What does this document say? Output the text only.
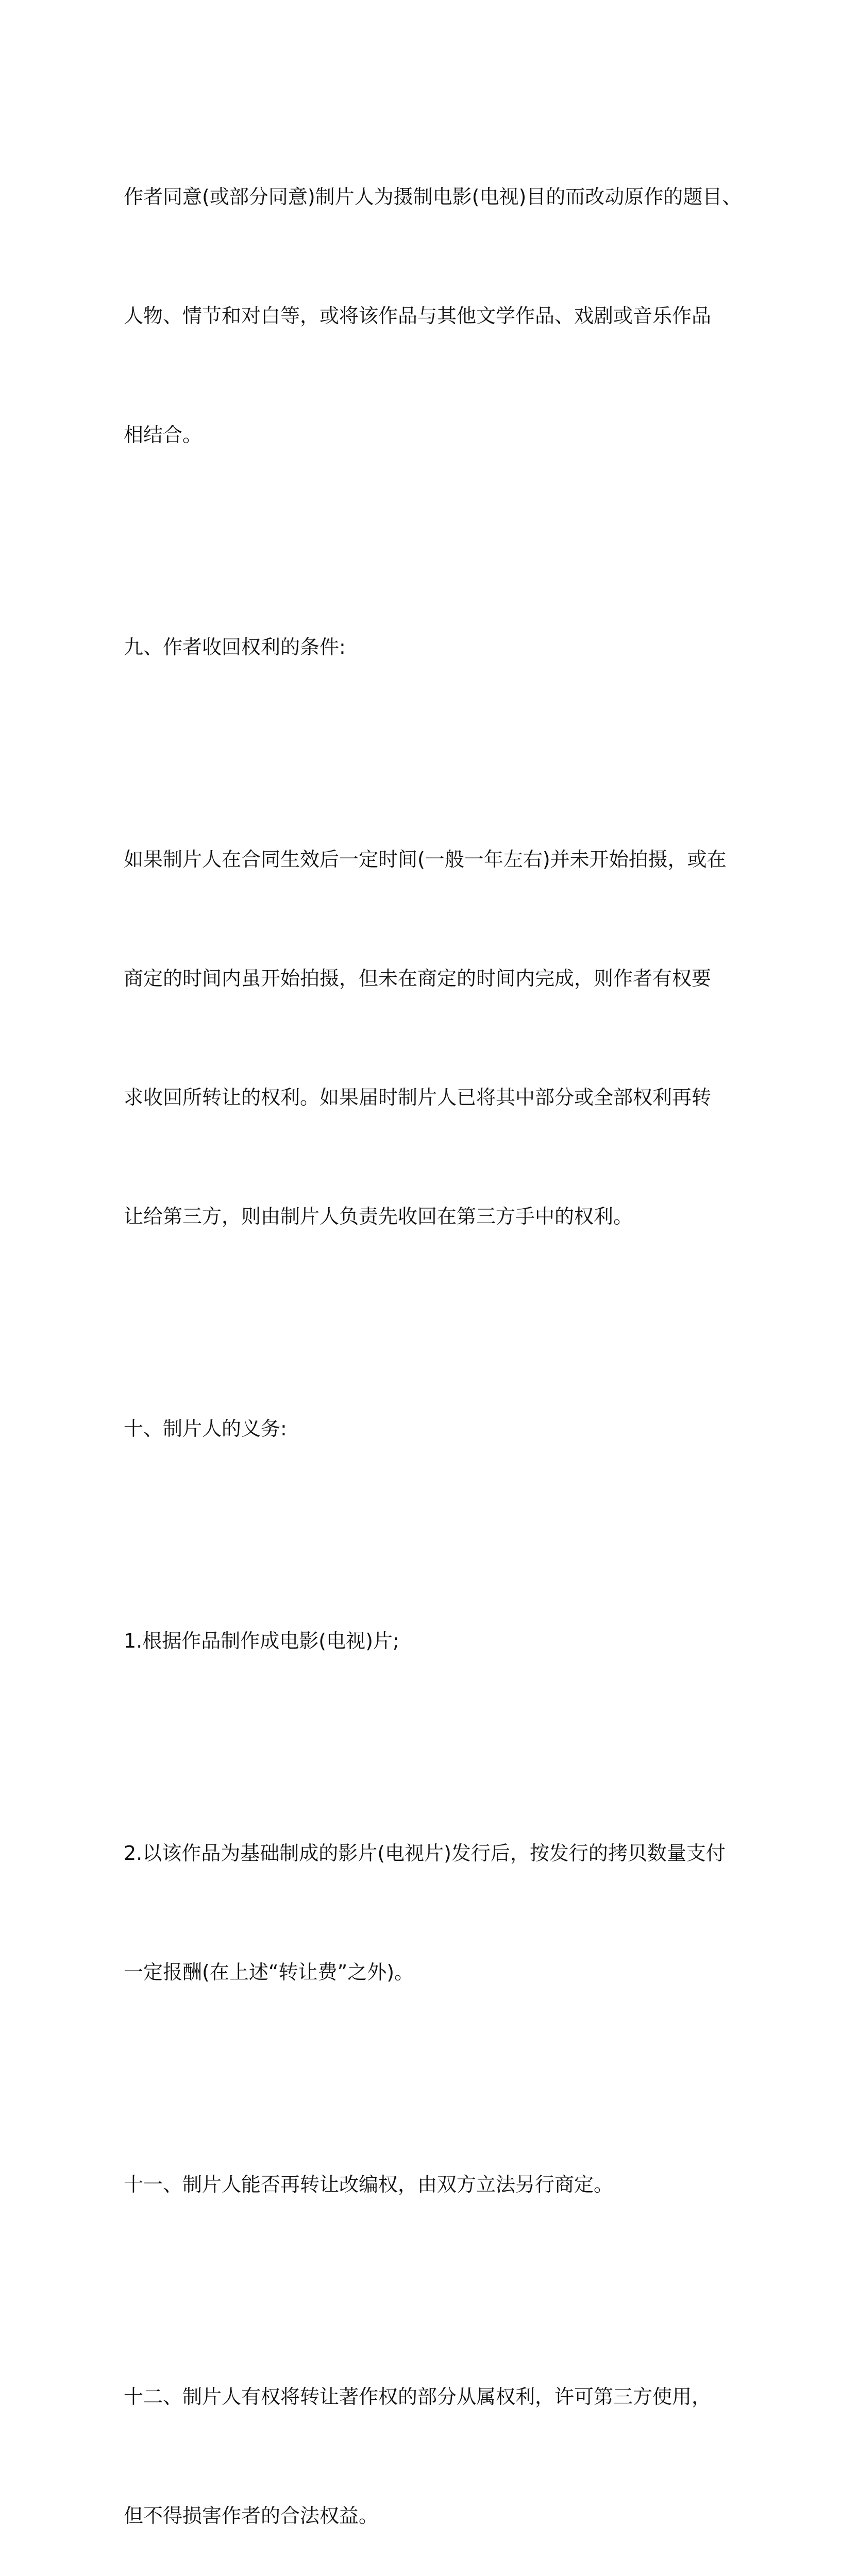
作者同意(或部分同意)制片人为摄制电影(电视)目的而改动原作的题目、

人物、情节和对白等，或将该作品与其他文学作品、戏剧或音乐作品

相结合。

九、作者收回权利的条件:

如果制片人在合同生效后一定时间(一般一年左右)并未开始拍摄，或在

商定的时间内虽开始拍摄，但未在商定的时间内完成，则作者有权要

求收回所转让的权利。如果届时制片人已将其中部分或全部权利再转

让给第三方，则由制片人负责先收回在第三方手中的权利。

十、制片人的义务:

1.根据作品制作成电影(电视)片;

2.以该作品为基础制成的影片(电视片)发行后，按发行的拷贝数量支付

一定报酬(在上述“转让费”之外)。

十一、制片人能否再转让改编权，由双方立法另行商定。

十二、制片人有权将转让著作权的部分从属权利，许可第三方使用，

但不得损害作者的合法权益。
